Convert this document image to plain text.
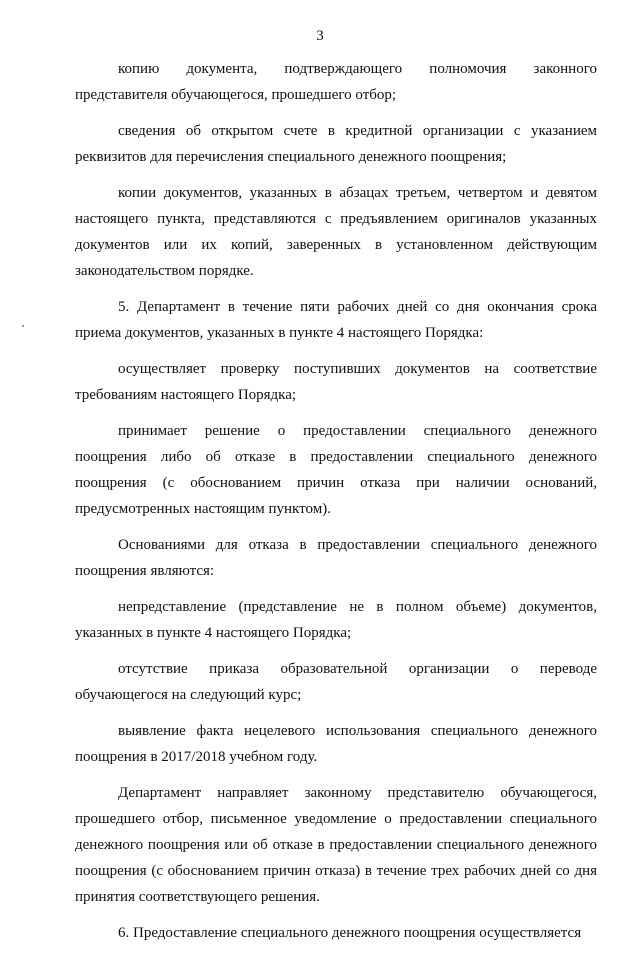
3

копию документа, подтверждающего полномочия законного представителя обучающегося, прошедшего отбор;

сведения об открытом счете в кредитной организации с указанием реквизитов для перечисления специального денежного поощрения;

копии документов, указанных в абзацах третьем, четвертом и девятом настоящего пункта, представляются с предъявлением оригиналов указанных документов или их копий, заверенных в установленном действующим законодательством порядке.

5. Департамент в течение пяти рабочих дней со дня окончания срока приема документов, указанных в пункте 4 настоящего Порядка:

осуществляет проверку поступивших документов на соответствие требованиям настоящего Порядка;

принимает решение о предоставлении специального денежного поощрения либо об отказе в предоставлении специального денежного поощрения (с обоснованием причин отказа при наличии оснований, предусмотренных настоящим пунктом).

Основаниями для отказа в предоставлении специального денежного поощрения являются:

непредставление (представление не в полном объеме) документов, указанных в пункте 4 настоящего Порядка;

отсутствие приказа образовательной организации о переводе обучающегося на следующий курс;

выявление факта нецелевого использования специального денежного поощрения в 2017/2018 учебном году.

Департамент направляет законному представителю обучающегося, прошедшего отбор, письменное уведомление о предоставлении специального денежного поощрения или об отказе в предоставлении специального денежного поощрения (с обоснованием причин отказа) в течение трех рабочих дней со дня принятия соответствующего решения.

6. Предоставление специального денежного поощрения осуществляется
